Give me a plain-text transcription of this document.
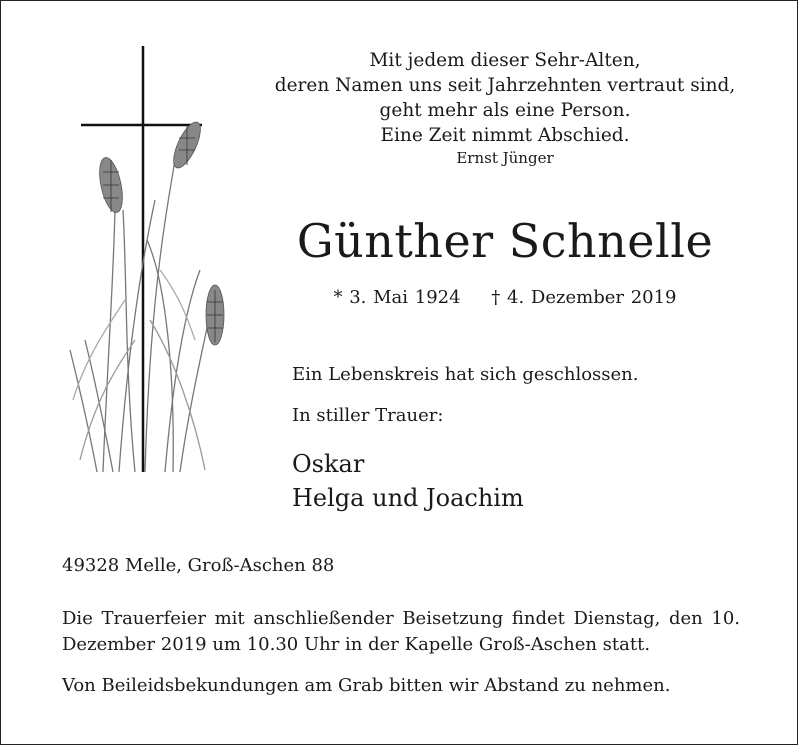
Mit jedem dieser Sehr-Alten,
deren Namen uns seit Jahrzehnten vertraut sind,
geht mehr als eine Person.
Eine Zeit nimmt Abschied.
Ernst Jünger
Günther Schnelle
* 3. Mai 1924 † 4. Dezember 2019
Ein Lebenskreis hat sich geschlossen.
In stiller Trauer:
Oskar
Helga und Joachim
49328 Melle, Groß-Aschen 88
Die Trauerfeier mit anschließender Beisetzung findet Dienstag, den 10. Dezember 2019 um 10.30 Uhr in der Kapelle Groß-Aschen statt.
Von Beileidsbekundungen am Grab bitten wir Abstand zu nehmen.
